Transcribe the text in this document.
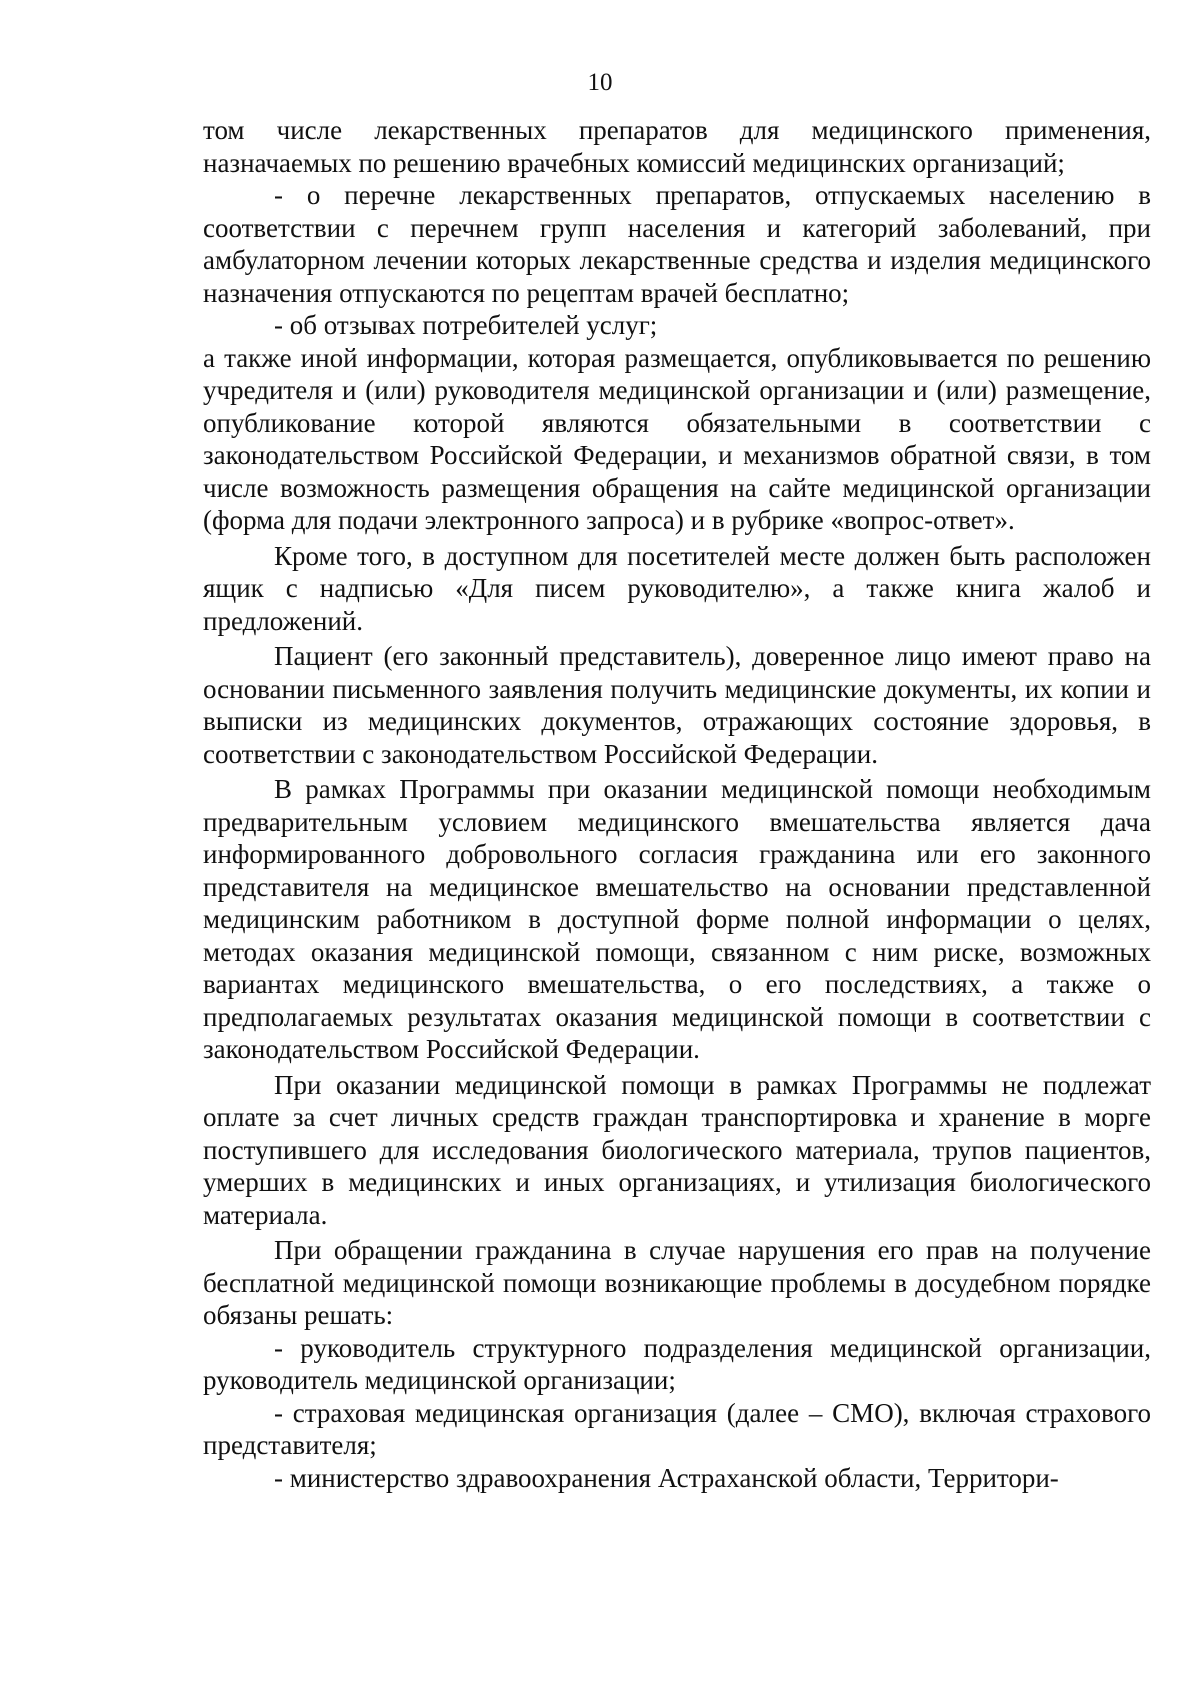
10

том числе лекарственных препаратов для медицинского применения, назначаемых по решению врачебных комиссий медицинских организаций;

- о перечне лекарственных препаратов, отпускаемых населению в соответствии с перечнем групп населения и категорий заболеваний, при амбулаторном лечении которых лекарственные средства и изделия медицинского назначения отпускаются по рецептам врачей бесплатно;

- об отзывах потребителей услуг;

а также иной информации, которая размещается, опубликовывается по решению учредителя и (или) руководителя медицинской организации и (или) размещение, опубликование которой являются обязательными в соответствии с законодательством Российской Федерации, и механизмов обратной связи, в том числе возможность размещения обращения на сайте медицинской организации (форма для подачи электронного запроса) и в рубрике «вопрос-ответ».

Кроме того, в доступном для посетителей месте должен быть расположен ящик с надписью «Для писем руководителю», а также книга жалоб и предложений.

Пациент (его законный представитель), доверенное лицо имеют право на основании письменного заявления получить медицинские документы, их копии и выписки из медицинских документов, отражающих состояние здоровья, в соответствии с законодательством Российской Федерации.

В рамках Программы при оказании медицинской помощи необходимым предварительным условием медицинского вмешательства является дача информированного добровольного согласия гражданина или его законного представителя на медицинское вмешательство на основании представленной медицинским работником в доступной форме полной информации о целях, методах оказания медицинской помощи, связанном с ним риске, возможных вариантах медицинского вмешательства, о его последствиях, а также о предполагаемых результатах оказания медицинской помощи в соответствии с законодательством Российской Федерации.

При оказании медицинской помощи в рамках Программы не подлежат оплате за счет личных средств граждан транспортировка и хранение в морге поступившего для исследования биологического материала, трупов пациентов, умерших в медицинских и иных организациях, и утилизация биологического материала.

При обращении гражданина в случае нарушения его прав на получение бесплатной медицинской помощи возникающие проблемы в досудебном порядке обязаны решать:

- руководитель структурного подразделения медицинской организации, руководитель медицинской организации;

- страховая медицинская организация (далее – СМО), включая страхового представителя;

- министерство здравоохранения Астраханской области, Территори-
